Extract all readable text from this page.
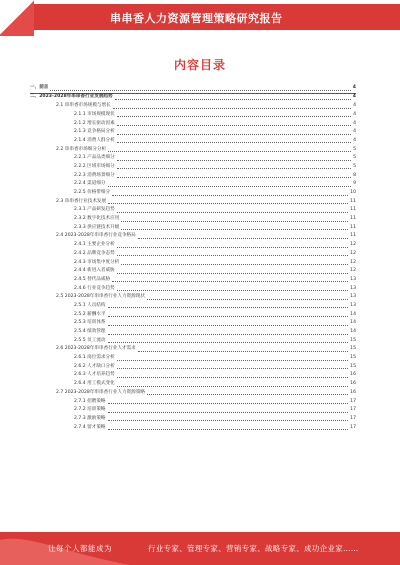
串串香人力资源管理策略研究报告
内容目录
一、前言	4
二、2023-2028年串串香行业发展趋势	4
2.1 串串香市场规模与增长	4
2.1.1 市场规模现状	4
2.1.2 增长驱动因素	4
2.1.3 竞争格局分析	4
2.1.4 消费人群分析	4
2.2 串串香市场细分分析	5
2.2.1 产品品类细分	5
2.2.2 区域市场细分	5
2.2.3 消费场景细分	8
2.2.4 渠道细分	9
2.2.5 价格带细分	10
2.3 串串香行业技术发展	11
2.3.1 产品研发趋势	11
2.3.2 数字化技术应用	11
2.3.3 供应链技术升级	11
2.4 2023-2028年串串香行业竞争格局	11
2.4.1 主要企业分析	12
2.4.2 品牌竞争态势	12
2.4.3 市场集中度分析	12
2.4.4 新进入者威胁	12
2.4.5 替代品威胁	13
2.4.6 行业竞争趋势	13
2.5 2023-2028年串串香行业人力资源现状	13
2.5.1 人员结构	13
2.5.2 薪酬水平	14
2.5.3 培训体系	14
2.5.4 绩效管理	14
2.5.5 员工流动	15
2.6 2023-2028年串串香行业人才需求	15
2.6.1 岗位需求分析	15
2.6.2 人才缺口分析	15
2.6.3 人才培养趋势	16
2.6.4 用工模式变化	16
2.7 2023-2028年串串香行业人力资源策略	16
2.7.1 招聘策略	17
2.7.2 培训策略	17
2.7.3 激励策略	17
2.7.4 留才策略	17
让每个人都能成为	行业专家、管理专家、营销专家、战略专家、成功企业家……
